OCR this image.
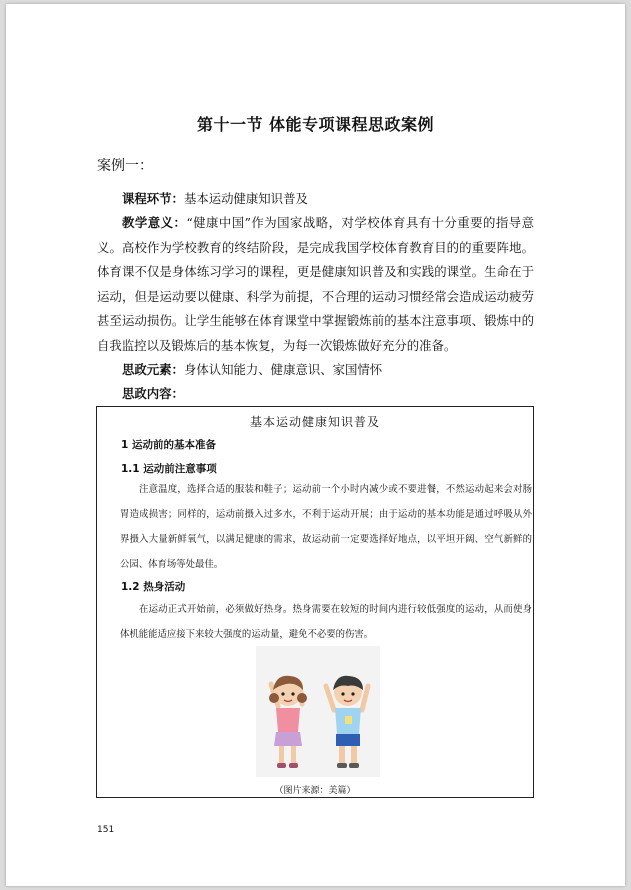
第十一节 体能专项课程思政案例
案例一：
课程环节：基本运动健康知识普及
教学意义：“健康中国”作为国家战略，对学校体育具有十分重要的指导意义。高校作为学校教育的终结阶段，是完成我国学校体育教育目的的重要阵地。体育课不仅是身体练习学习的课程，更是健康知识普及和实践的课堂。生命在于运动，但是运动要以健康、科学为前提，不合理的运动习惯经常会造成运动疲劳甚至运动损伤。让学生能够在体育课堂中掌握锻炼前的基本注意事项、锻炼中的自我监控以及锻炼后的基本恢复，为每一次锻炼做好充分的准备。
思政元素：身体认知能力、健康意识、家国情怀
思政内容：
基本运动健康知识普及
1 运动前的基本准备
1.1 运动前注意事项
注意温度，选择合适的服装和鞋子；运动前一个小时内减少或不要进餐，不然运动起来会对肠胃造成损害；同样的，运动前摄入过多水，不利于运动开展；由于运动的基本功能是通过呼吸从外界摄入大量新鲜氧气，以满足健康的需求，故运动前一定要选择好地点，以平坦开阔、空气新鲜的公园、体育场等处最佳。
1.2 热身活动
在运动正式开始前，必须做好热身。热身需要在较短的时间内进行较低强度的运动，从而使身体机能能适应接下来较大强度的运动量，避免不必要的伤害。
（图片来源：美篇）
151
